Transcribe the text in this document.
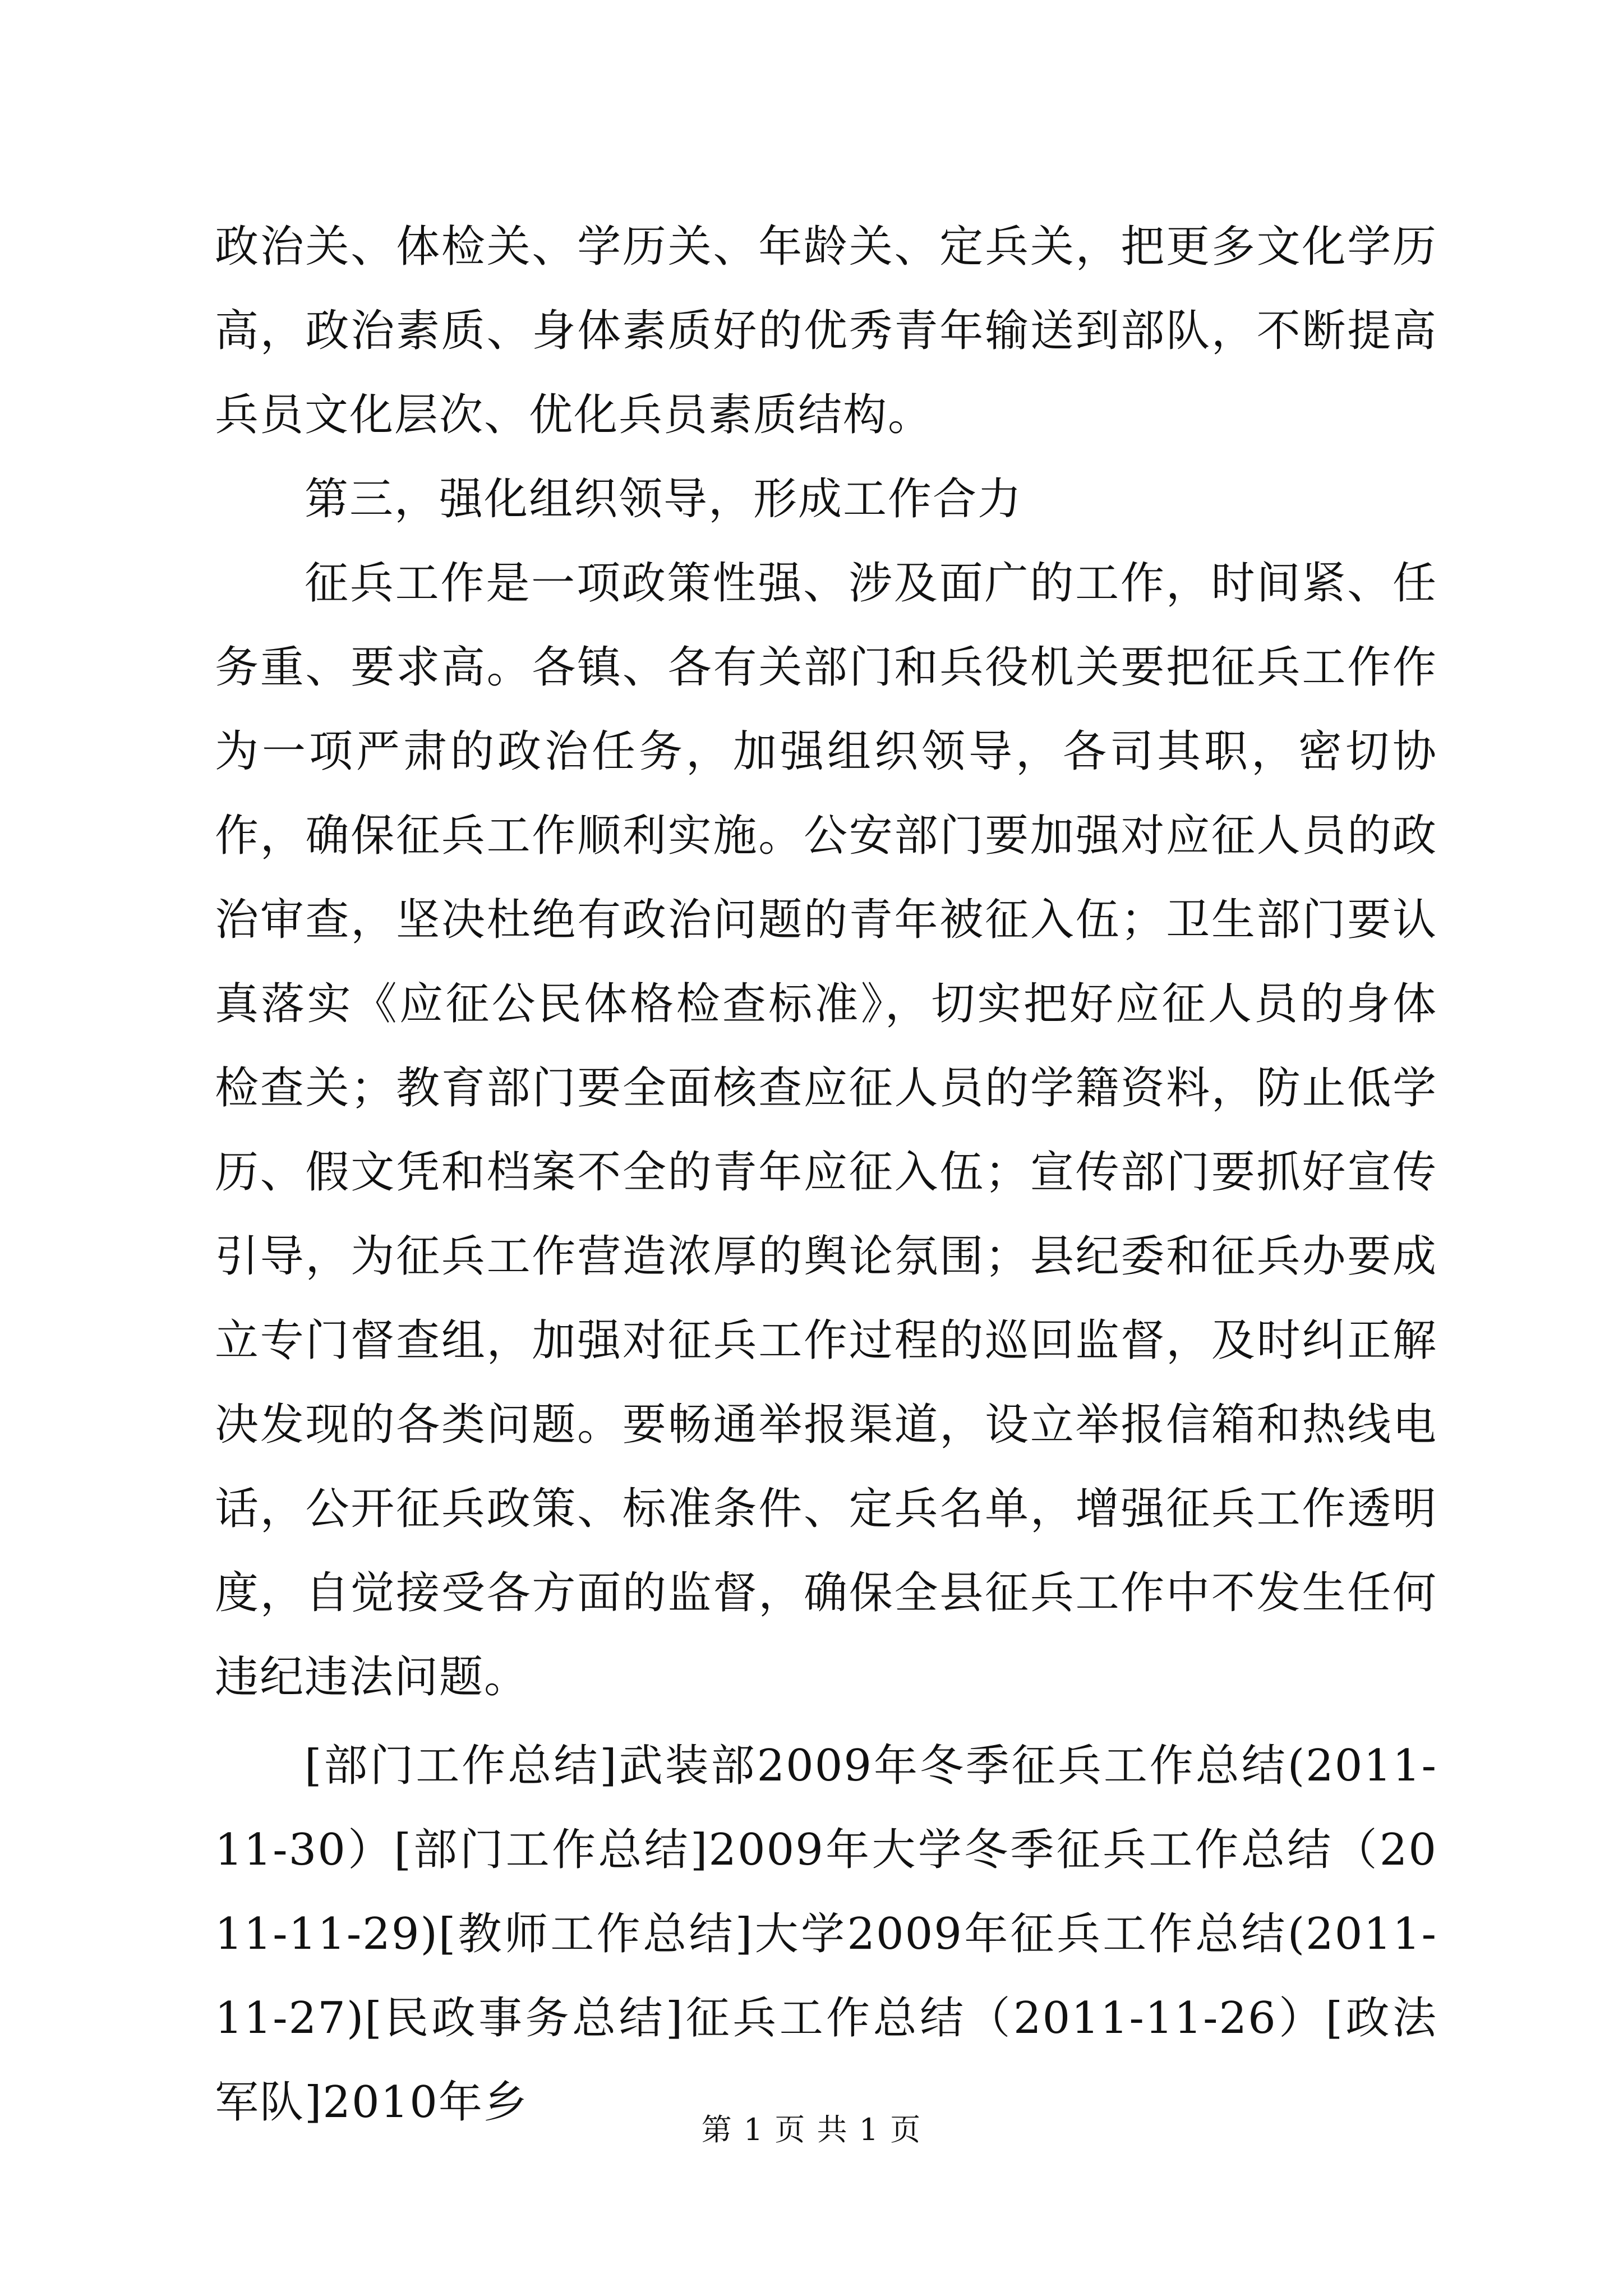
政治关、体检关、学历关、年龄关、定兵关，把更多文化学历高，政治素质、身体素质好的优秀青年输送到部队，不断提高兵员文化层次、优化兵员素质结构。

第三，强化组织领导，形成工作合力

征兵工作是一项政策性强、涉及面广的工作，时间紧、任务重、要求高。各镇、各有关部门和兵役机关要把征兵工作作为一项严肃的政治任务，加强组织领导，各司其职，密切协作，确保征兵工作顺利实施。公安部门要加强对应征人员的政治审查，坚决杜绝有政治问题的青年被征入伍；卫生部门要认真落实《应征公民体格检查标准》，切实把好应征人员的身体检查关；教育部门要全面核查应征人员的学籍资料，防止低学历、假文凭和档案不全的青年应征入伍；宣传部门要抓好宣传引导，为征兵工作营造浓厚的舆论氛围；县纪委和征兵办要成立专门督查组，加强对征兵工作过程的巡回监督，及时纠正解决发现的各类问题。要畅通举报渠道，设立举报信箱和热线电话，公开征兵政策、标准条件、定兵名单，增强征兵工作透明度，自觉接受各方面的监督，确保全县征兵工作中不发生任何违纪违法问题。

[部门工作总结]武装部2009年冬季征兵工作总结(2011-11-30）[部门工作总结]2009年大学冬季征兵工作总结（2011-11-29)[教师工作总结]大学2009年征兵工作总结(2011-11-27)[民政事务总结]征兵工作总结（2011-11-26）[政法军队]2010年乡

第 1 页 共 1 页
